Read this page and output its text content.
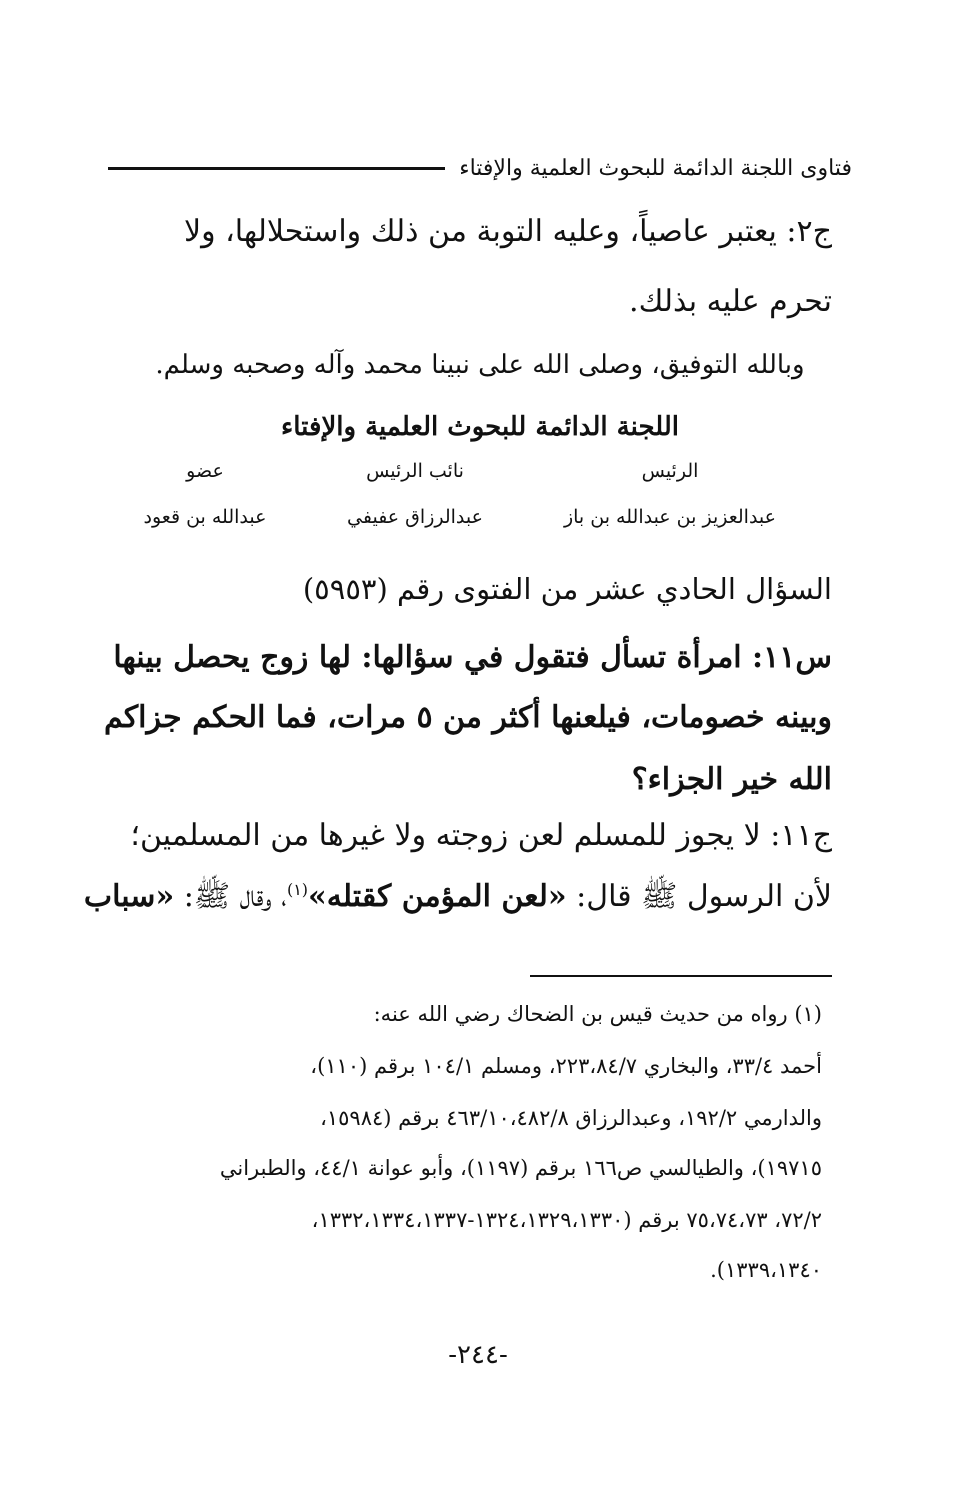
فتاوى اللجنة الدائمة للبحوث العلمية والإفتاء
ج٢: يعتبر عاصياً، وعليه التوبة من ذلك واستحلالها، ولا
تحرم عليه بذلك.
وبالله التوفيق، وصلى الله على نبينا محمد وآله وصحبه وسلم.
اللجنة الدائمة للبحوث العلمية والإفتاء
عضو	نائب الرئيس	الرئيس
عبدالله بن قعود	عبدالرزاق عفيفي	عبدالعزيز بن عبدالله بن باز
السؤال الحادي عشر من الفتوى رقم (٥٩٥٣)
س١١: امرأة تسأل فتقول في سؤالها: لها زوج يحصل بينها
وبينه خصومات، فيلعنها أكثر من ٥ مرات، فما الحكم جزاكم
الله خير الجزاء؟
ج١١: لا يجوز للمسلم لعن زوجته ولا غيرها من المسلمين؛
لأن الرسول ﷺ قال: «لعن المؤمن كقتله»$^{(١)}$، وقال ﷺ: «سباب
(١) رواه من حديث قيس بن الضحاك رضي الله عنه:
أحمد ٣٣/٤، والبخاري ٢٢٣،٨٤/٧، ومسلم ١٠٤/١ برقم (١١٠)،
والدارمي ١٩٢/٢، وعبدالرزاق ٤٦٣/١٠،٤٨٢/٨ برقم (١٥٩٨٤،
١٩٧١٥)، والطيالسي ص١٦٦ برقم (١١٩٧)، وأبو عوانة ٤٤/١، والطبراني
٧٢/٢، ٧٥،٧٤،٧٣ برقم (١٣٢٤،١٣٢٩،١٣٣٠-١٣٣٢،١٣٣٤،١٣٣٧،
١٣٣٩،١٣٤٠).
-٢٤٤-
